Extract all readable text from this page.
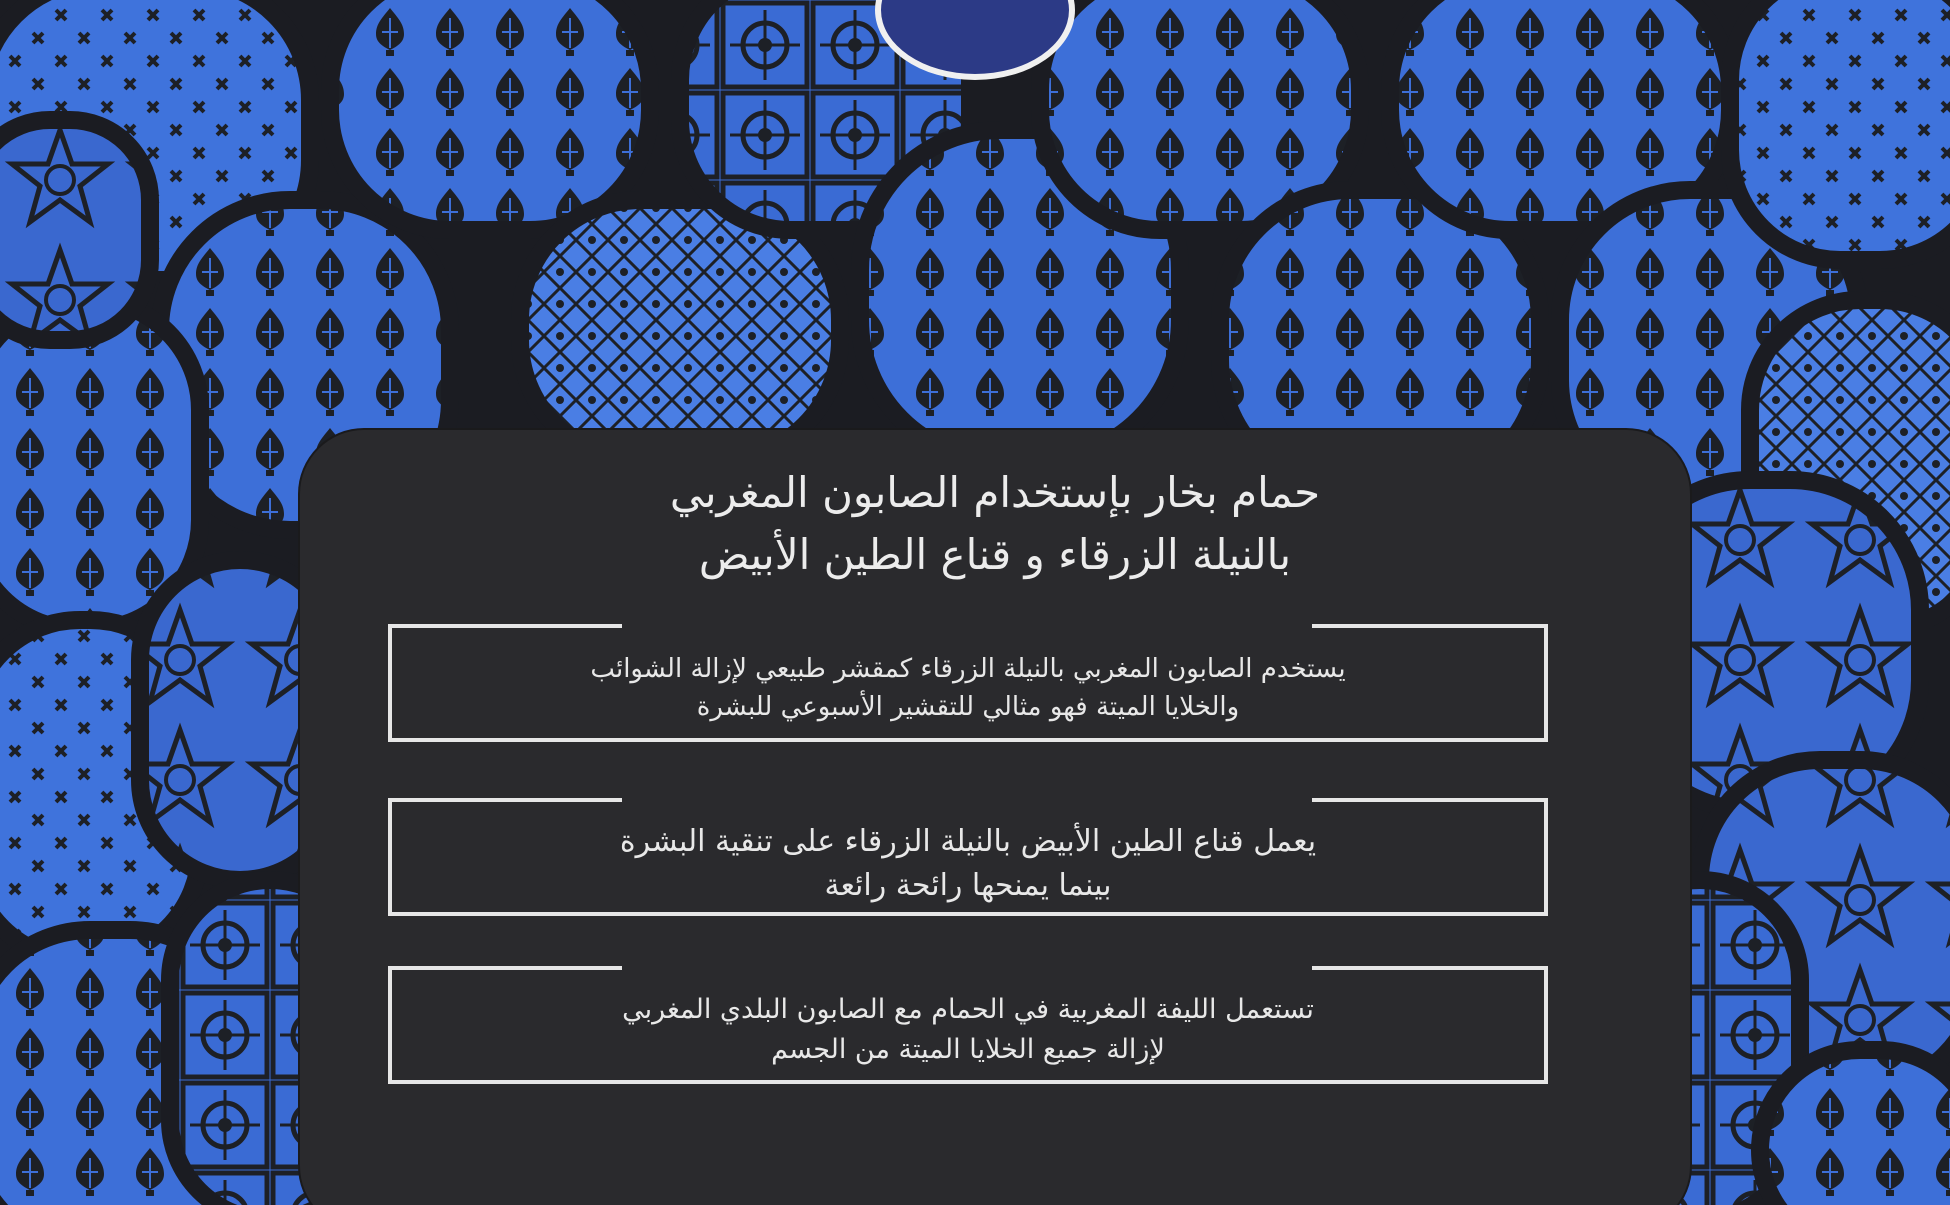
حمام بخار بإستخدام الصابون المغربي
بالنيلة الزرقاء و قناع الطين الأبيض
يستخدم الصابون المغربي بالنيلة الزرقاء كمقشر طبيعي لإزالة الشوائب
والخلايا الميتة فهو مثالي للتقشير الأسبوعي للبشرة
يعمل قناع الطين الأبيض بالنيلة الزرقاء على تنقية البشرة
بينما يمنحها رائحة رائعة
تستعمل الليفة المغربية في الحمام مع الصابون البلدي المغربي
لإزالة جميع الخلايا الميتة من الجسم
